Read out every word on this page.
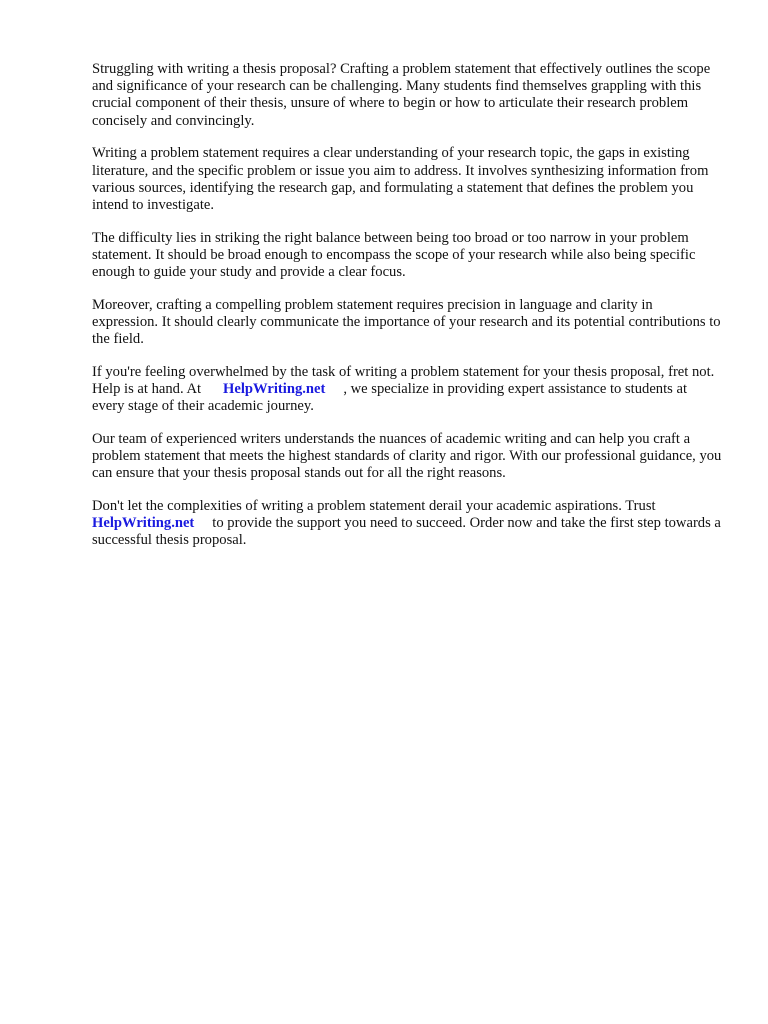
Struggling with writing a thesis proposal? Crafting a problem statement that effectively outlines the scope and significance of your research can be challenging. Many students find themselves grappling with this crucial component of their thesis, unsure of where to begin or how to articulate their research problem concisely and convincingly.

Writing a problem statement requires a clear understanding of your research topic, the gaps in existing literature, and the specific problem or issue you aim to address. It involves synthesizing information from various sources, identifying the research gap, and formulating a statement that defines the problem you intend to investigate.

The difficulty lies in striking the right balance between being too broad or too narrow in your problem statement. It should be broad enough to encompass the scope of your research while also being specific enough to guide your study and provide a clear focus.

Moreover, crafting a compelling problem statement requires precision in language and clarity in expression. It should clearly communicate the importance of your research and its potential contributions to the field.

If you're feeling overwhelmed by the task of writing a problem statement for your thesis proposal, fret not. Help is at hand. At HelpWriting.net , we specialize in providing expert assistance to students at every stage of their academic journey.

Our team of experienced writers understands the nuances of academic writing and can help you craft a problem statement that meets the highest standards of clarity and rigor. With our professional guidance, you can ensure that your thesis proposal stands out for all the right reasons.

Don't let the complexities of writing a problem statement derail your academic aspirations. Trust HelpWriting.net to provide the support you need to succeed. Order now and take the first step towards a successful thesis proposal.
